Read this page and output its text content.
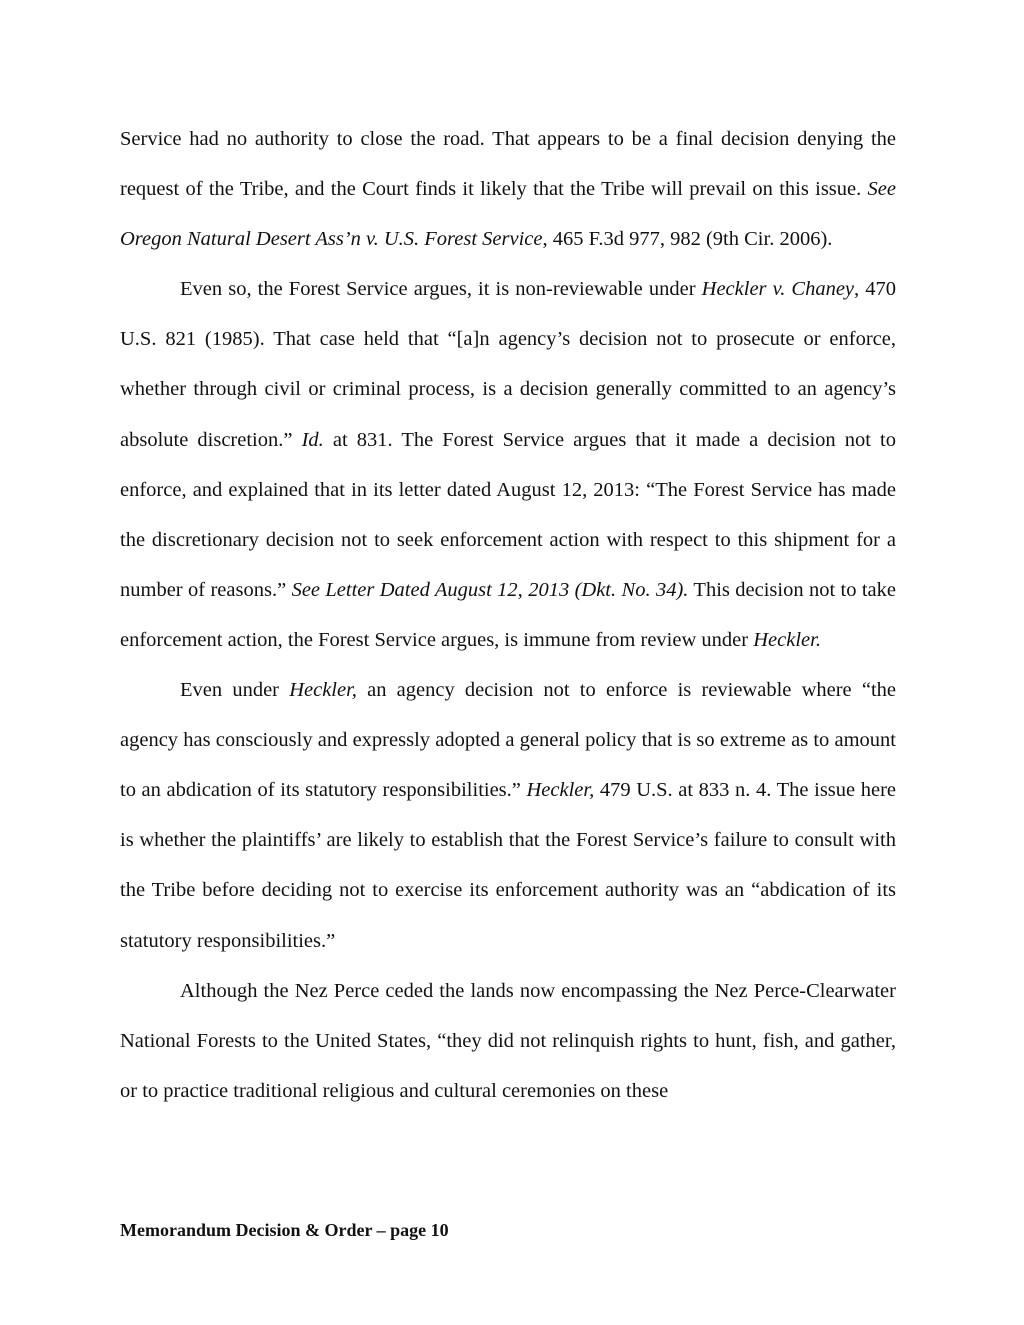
Service had no authority to close the road. That appears to be a final decision denying the request of the Tribe, and the Court finds it likely that the Tribe will prevail on this issue. See Oregon Natural Desert Ass’n v. U.S. Forest Service, 465 F.3d 977, 982 (9th Cir. 2006).

Even so, the Forest Service argues, it is non-reviewable under Heckler v. Chaney, 470 U.S. 821 (1985). That case held that “[a]n agency’s decision not to prosecute or enforce, whether through civil or criminal process, is a decision generally committed to an agency’s absolute discretion.” Id. at 831. The Forest Service argues that it made a decision not to enforce, and explained that in its letter dated August 12, 2013: “The Forest Service has made the discretionary decision not to seek enforcement action with respect to this shipment for a number of reasons.” See Letter Dated August 12, 2013 (Dkt. No. 34). This decision not to take enforcement action, the Forest Service argues, is immune from review under Heckler.

Even under Heckler, an agency decision not to enforce is reviewable where “the agency has consciously and expressly adopted a general policy that is so extreme as to amount to an abdication of its statutory responsibilities.” Heckler, 479 U.S. at 833 n. 4. The issue here is whether the plaintiffs’ are likely to establish that the Forest Service’s failure to consult with the Tribe before deciding not to exercise its enforcement authority was an “abdication of its statutory responsibilities.”

Although the Nez Perce ceded the lands now encompassing the Nez Perce-Clearwater National Forests to the United States, “they did not relinquish rights to hunt, fish, and gather, or to practice traditional religious and cultural ceremonies on these

Memorandum Decision & Order – page 10
